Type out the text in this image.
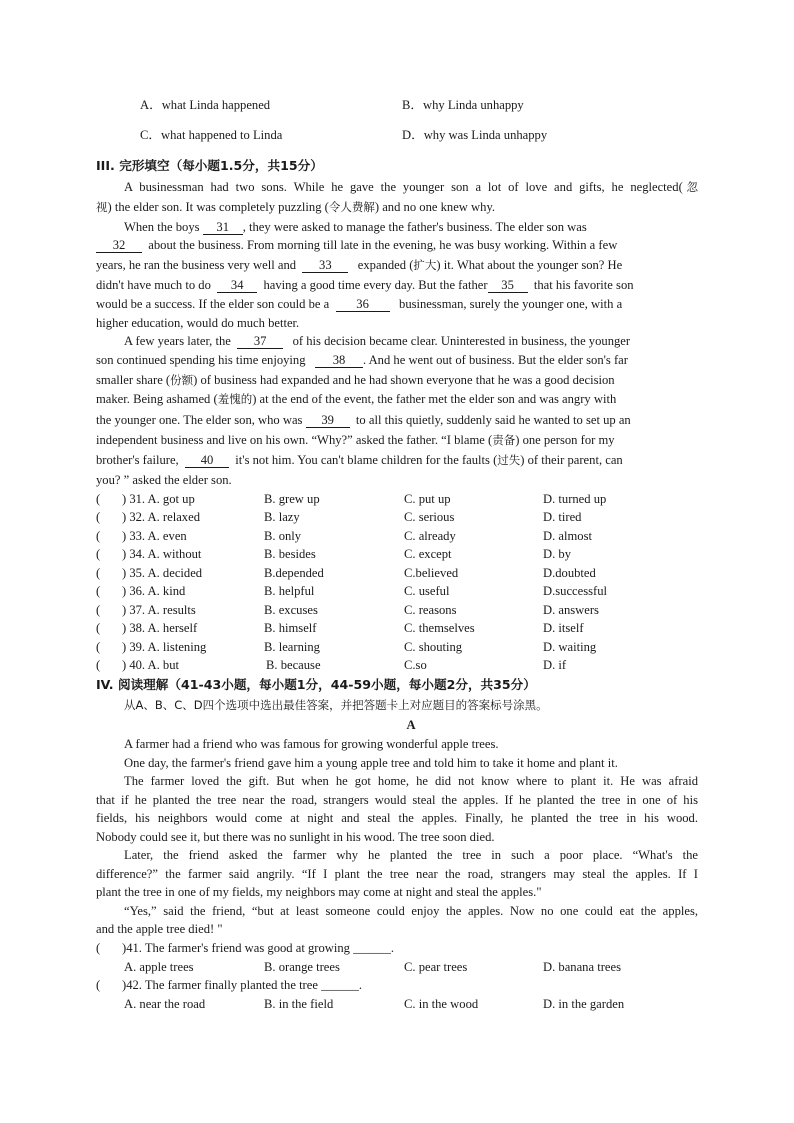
A．what Linda happened	B．why Linda unhappy
C．what happened to Linda	D．why was Linda unhappy
III. 完形填空（每小题1.5分，共15分）
A businessman had two sons. While he gave the younger son a lot of love and gifts, he neglected(忽
视) the elder son. It was completely puzzling (令人费解) and no one knew why.
When the boys 31 , they were asked to manage the father's business. The elder son was
32 about the business. From morning till late in the evening, he was busy working. Within a few
years, he ran the business very well and 33 expanded (扩大) it. What about the younger son? He
didn't have much to do 34 having a good time every day. But the father 35 that his favorite son
would be a success. If the elder son could be a 36 businessman, surely the younger one, with a
higher education, would do much better.
A few years later, the 37 of his decision became clear. Uninterested in business, the younger
son continued spending his time enjoying 38 . And he went out of business. But the elder son's far
smaller share (份额) of business had expanded and he had shown everyone that he was a good decision
maker. Being ashamed (羞愧的) at the end of the event, the father met the elder son and was angry with
the younger one. The elder son, who was 39 to all this quietly, suddenly said he wanted to set up an
independent business and live on his own. “Why?” asked the father. “I blame (责备) one person for my
brother's failure, 40 it's not him. You can't blame children for the faults (过失) of their parent, can
you? ” asked the elder son.
( ) 31. A. got up	B. grew up	C. put up	D. turned up
( ) 32. A. relaxed	B. lazy	C. serious	D. tired
( ) 33. A. even	B. only	C. already	D. almost
( ) 34. A. without	B. besides	C. except	D. by
( ) 35. A. decided	B.depended	C.believed	D.doubted
( ) 36. A. kind	B. helpful	C. useful	D.successful
( ) 37. A. results	B. excuses	C. reasons	D. answers
( ) 38. A. herself	B. himself	C. themselves	D. itself
( ) 39. A. listening	B. learning	C. shouting	D. waiting
( ) 40. A. but	B. because	C.so	D. if
IV. 阅读理解（41-43小题，每小题1分，44-59小题，每小题2分，共35分）
从A、B、C、D四个选项中选出最佳答案，并把答题卡上对应题目的答案标号涂黑。
A
A farmer had a friend who was famous for growing wonderful apple trees.
One day, the farmer's friend gave him a young apple tree and told him to take it home and plant it.
The farmer loved the gift. But when he got home, he did not know where to plant it. He was afraid
that if he planted the tree near the road, strangers would steal the apples. If he planted the tree in one of his
fields, his neighbors would come at night and steal the apples. Finally, he planted the tree in his wood.
Nobody could see it, but there was no sunlight in his wood. The tree soon died.
Later, the friend asked the farmer why he planted the tree in such a poor place. “What's the
difference?” the farmer said angrily. “If I plant the tree near the road, strangers may steal the apples. If I
plant the tree in one of my fields, my neighbors may come at night and steal the apples."
“Yes,” said the friend, “but at least someone could enjoy the apples. Now no one could eat the apples,
and the apple tree died! "
( )41. The farmer's friend was good at growing ______.
A. apple trees	B. orange trees	C. pear trees	D. banana trees
( )42. The farmer finally planted the tree ______.
A. near the road	B. in the field	C. in the wood	D. in the garden
